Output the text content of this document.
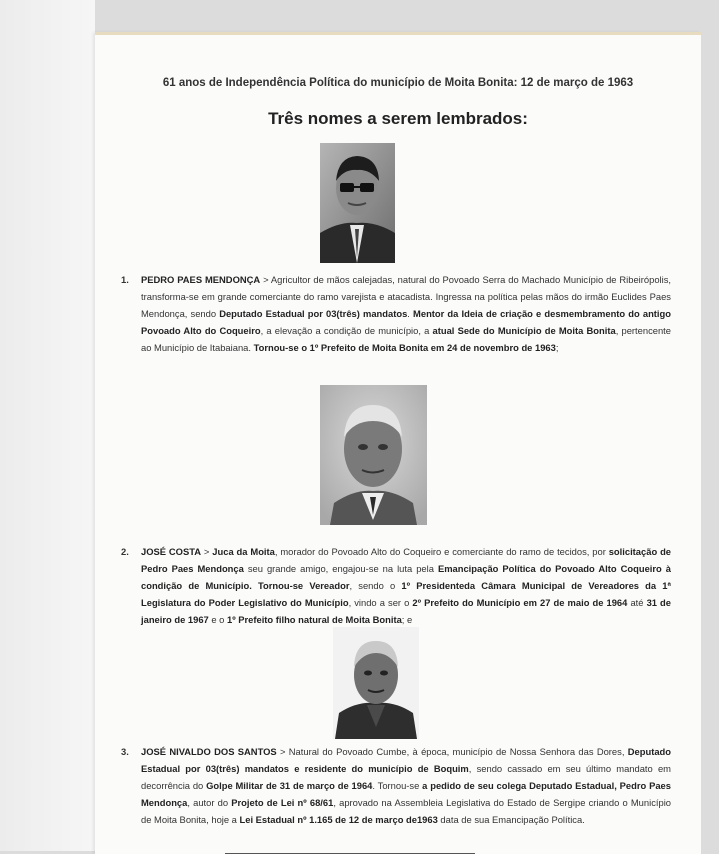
61 anos de Independência Política do município de Moita Bonita: 12 de março de 1963
Três nomes a serem lembrados:
1. PEDRO PAES MENDONÇA > Agricultor de mãos calejadas, natural do Povoado Serra do Machado Município de Ribeirópolis, transforma-se em grande comerciante do ramo varejista e atacadista. Ingressa na política pelas mãos do irmão Euclides Paes Mendonça, sendo Deputado Estadual por 03(três) mandatos. Mentor da Ideia de criação e desmembramento do antigo Povoado Alto do Coqueiro, a elevação a condição de município, a atual Sede do Município de Moita Bonita, pertencente ao Município de Itabaiana. Tornou-se o 1º Prefeito de Moita Bonita em 24 de novembro de 1963;
2. JOSÉ COSTA > Juca da Moita, morador do Povoado Alto do Coqueiro e comerciante do ramo de tecidos, por solicitação de Pedro Paes Mendonça seu grande amigo, engajou-se na luta pela Emancipação Política do Povoado Alto Coqueiro à condição de Município. Tornou-se Vereador, sendo o 1º Presidenteda Câmara Municipal de Vereadores da 1ª Legislatura do Poder Legislativo do Município, vindo a ser o 2º Prefeito do Município em 27 de maio de 1964 até 31 de janeiro de 1967 e o 1º Prefeito filho natural de Moita Bonita; e
3. JOSÉ NIVALDO DOS SANTOS > Natural do Povoado Cumbe, à época, município de Nossa Senhora das Dores, Deputado Estadual por 03(três) mandatos e residente do município de Boquim, sendo cassado em seu último mandato em decorrência do Golpe Militar de 31 de março de 1964. Tornou-se a pedido de seu colega Deputado Estadual, Pedro Paes Mendonça, autor do Projeto de Lei nº 68/61, aprovado na Assembleia Legislativa do Estado de Sergipe criando o Município de Moita Bonita, hoje a Lei Estadual nº 1.165 de 12 de março de1963 data de sua Emancipação Política.
